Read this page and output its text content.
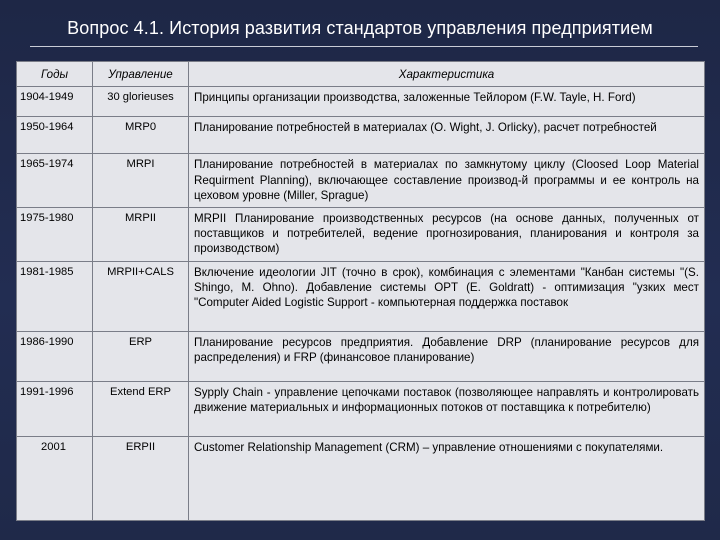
Вопрос 4.1. История развития стандартов управления предприятием
Годы	Управление	Характеристика
1904-1949	30 glorieuses	Принципы организации производства, заложенные Тейлором (F.W. Tayle, H. Ford)
1950-1964	MRP0	Планирование потребностей в материалах (O. Wight, J. Orlicky), расчет потребностей
1965-1974	MRPI	Планирование потребностей в материалах по замкнутому циклу (Cloosed Loop Material Requirment Planning), включающее составление производ-й программы и ее контроль на цеховом уровне (Miller, Sprague)
1975-1980	MRPII	MRPII Планирование производственных ресурсов (на основе данных, полученных от поставщиков и потребителей, ведение прогнозирования, планирования и контроля за производством)
1981-1985	MRPII+CALS	Включение идеологии JIT (точно в срок), комбинация с элементами "Канбан системы "(S. Shingo, M. Ohno). Добавление системы OPT (E. Goldratt) - оптимизация "узких мест "Computer Aided Logistic Support - компьютерная поддержка поставок
1986-1990	ERP	Планирование ресурсов предприятия. Добавление DRP (планирование ресурсов для распределения) и FRP (финансовое планирование)
1991-1996	Extend ERP	Sypply Chain - управление цепочками поставок (позволяющее направлять и контролировать движение материальных и информационных потоков от поставщика к потребителю)
2001	ERPII	Customer Relationship Management (CRM) – управление отношениями с покупателями.
